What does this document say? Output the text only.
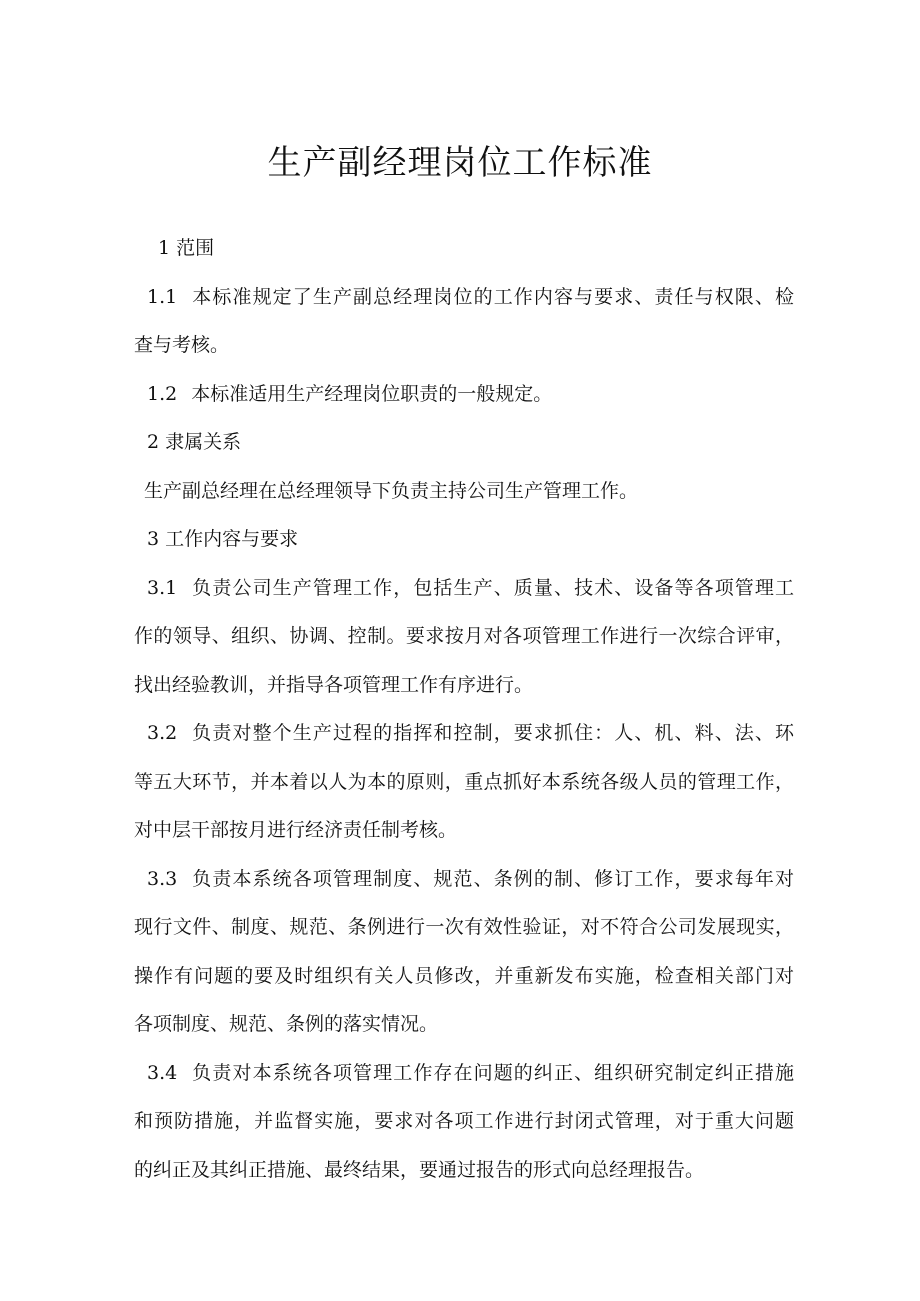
生产副经理岗位工作标准
1 范围
1.1 本标准规定了生产副总经理岗位的工作内容与要求、责任与权限、检
查与考核。
1.2 本标准适用生产经理岗位职责的一般规定。
2 隶属关系
生产副总经理在总经理领导下负责主持公司生产管理工作。
3 工作内容与要求
3.1 负责公司生产管理工作，包括生产、质量、技术、设备等各项管理工
作的领导、组织、协调、控制。要求按月对各项管理工作进行一次综合评审，
找出经验教训，并指导各项管理工作有序进行。
3.2 负责对整个生产过程的指挥和控制，要求抓住：人、机、料、法、环
等五大环节，并本着以人为本的原则，重点抓好本系统各级人员的管理工作，
对中层干部按月进行经济责任制考核。
3.3 负责本系统各项管理制度、规范、条例的制、修订工作，要求每年对
现行文件、制度、规范、条例进行一次有效性验证，对不符合公司发展现实，
操作有问题的要及时组织有关人员修改，并重新发布实施，检查相关部门对
各项制度、规范、条例的落实情况。
3.4 负责对本系统各项管理工作存在问题的纠正、组织研究制定纠正措施
和预防措施，并监督实施，要求对各项工作进行封闭式管理，对于重大问题
的纠正及其纠正措施、最终结果，要通过报告的形式向总经理报告。
